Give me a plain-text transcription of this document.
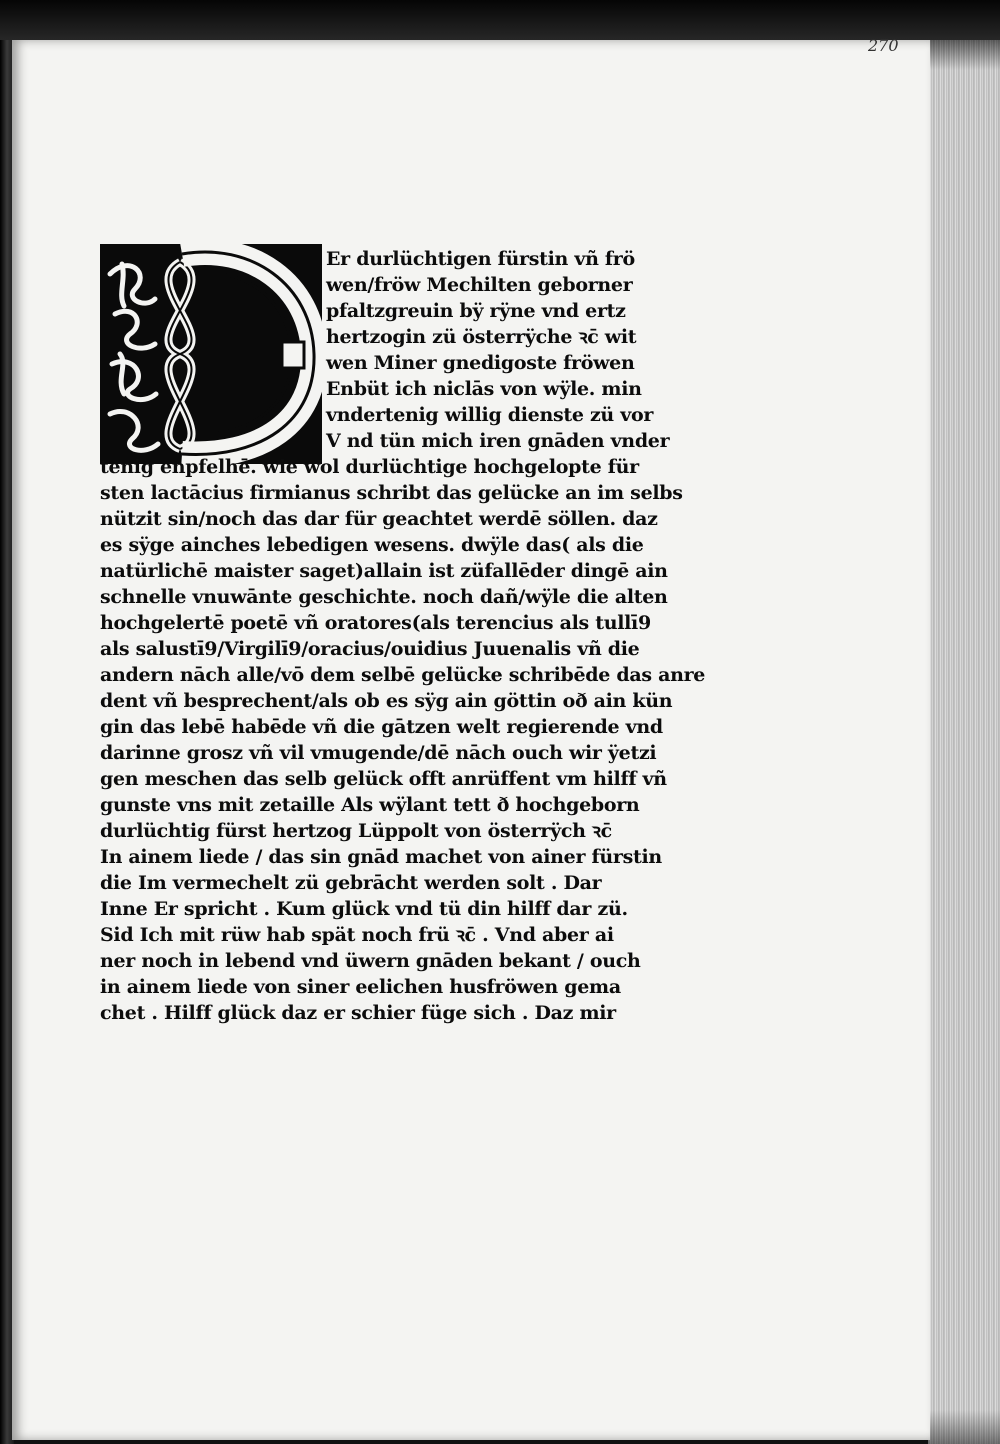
270
Er durlüchtigen fürstin vñ frö
wen/fröw Mechilten geborner
pfaltzgreuin bÿ rÿne vnd ertz
hertzogin zü österrÿche ꝛc̄ wit
wen Miner gnedigoste fröwen
Enbüt ich niclās von wÿle. min
vndertenig willig dienste zü vor
V nd tün mich iren gnāden vnder
tenig enpfelhē. wie wol durlüchtige hochgelopte für
sten lactācius firmianus schribt das gelücke an im selbs
nützit sin/noch das dar für geachtet werdē söllen. daz
es sÿge ainches lebedigen wesens. dwÿle das( als die
natürlichē maister saget)allain ist züfallēder dingē ain
schnelle vnuwānte geschichte. noch dañ/wÿle die alten
hochgelertē poetē vñ oratores(als terencius als tullī9
als salustī9/Virgilī9/oracius/ouidius Juuenalis vñ die
andern nāch alle/vō dem selbē gelücke schribēde das anre
dent vñ besprechent/als ob es sÿg ain göttin oð ain kün
gin das lebē habēde vñ die gātzen welt regierende vnd
darinne grosz vñ vil vmugende/dē nāch ouch wir ÿetzi
gen meschen das selb gelück offt anrüffent vm hilff vñ
gunste vns mit zetaille Als wÿlant tett ð hochgeborn
durlüchtig fürst hertzog Lüppolt von österrÿch ꝛc̄
In ainem liede / das sin gnād machet von ainer fürstin
die Im vermechelt zü gebrācht werden solt . Dar
Inne Er spricht . Kum glück vnd tü din hilff dar zü.
Sid Ich mit rüw hab spät noch frü ꝛc̄ . Vnd aber ai
ner noch in lebend vnd üwern gnāden bekant / ouch
in ainem liede von siner eelichen husfröwen gema
chet . Hilff glück daz er schier füge sich . Daz mir
